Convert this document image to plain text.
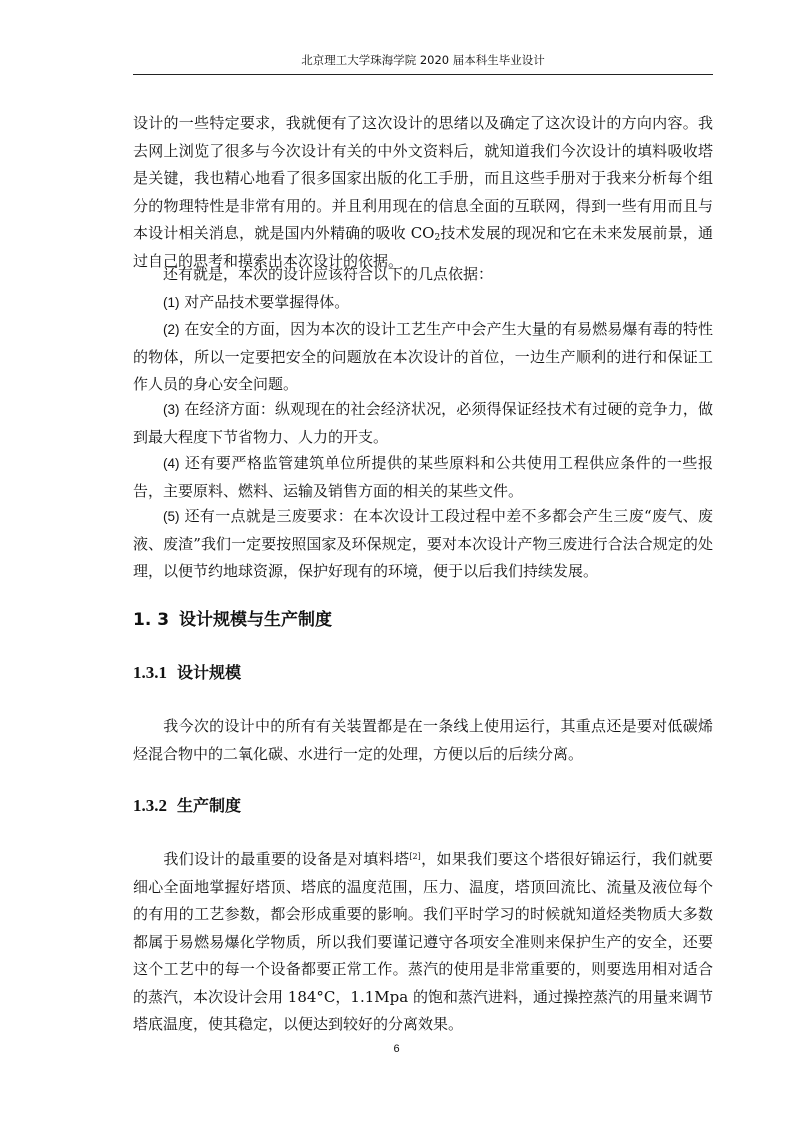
北京理工大学珠海学院 2020 届本科生毕业设计

设计的一些特定要求，我就便有了这次设计的思绪以及确定了这次设计的方向内容。我去网上浏览了很多与今次设计有关的中外文资料后，就知道我们今次设计的填料吸收塔是关键，我也精心地看了很多国家出版的化工手册，而且这些手册对于我来分析每个组分的物理特性是非常有用的。并且利用现在的信息全面的互联网，得到一些有用而且与本设计相关消息，就是国内外精确的吸收 $CO_2$技术发展的现况和它在未来发展前景，通过自己的思考和摸索出本次设计的依据。

还有就是，本次的设计应该符合以下的几点依据：

(1) 对产品技术要掌握得体。

(2) 在安全的方面，因为本次的设计工艺生产中会产生大量的有易燃易爆有毒的特性的物体，所以一定要把安全的问题放在本次设计的首位，一边生产顺利的进行和保证工作人员的身心安全问题。

(3) 在经济方面：纵观现在的社会经济状况，必须得保证经技术有过硬的竞争力，做到最大程度下节省物力、人力的开支。

(4) 还有要严格监管建筑单位所提供的某些原料和公共使用工程供应条件的一些报告，主要原料、燃料、运输及销售方面的相关的某些文件。

(5) 还有一点就是三废要求：在本次设计工段过程中差不多都会产生三废“废气、废液、废渣”我们一定要按照国家及环保规定，要对本次设计产物三废进行合法合规定的处理，以便节约地球资源，保护好现有的环境，便于以后我们持续发展。

1. 3 设计规模与生产制度
1.3.1 设计规模

我今次的设计中的所有有关装置都是在一条线上使用运行，其重点还是要对低碳烯烃混合物中的二氧化碳、水进行一定的处理，方便以后的后续分离。

1.3.2 生产制度

我们设计的最重要的设备是对填料塔[2]，如果我们要这个塔很好锦运行，我们就要细心全面地掌握好塔顶、塔底的温度范围，压力、温度，塔顶回流比、流量及液位每个的有用的工艺参数，都会形成重要的影响。我们平时学习的时候就知道烃类物质大多数都属于易燃易爆化学物质，所以我们要谨记遵守各项安全准则来保护生产的安全，还要这个工艺中的每一个设备都要正常工作。蒸汽的使用是非常重要的，则要选用相对适合的蒸汽，本次设计会用 184°C，1.1Mpa 的饱和蒸汽进料，通过操控蒸汽的用量来调节塔底温度，使其稳定，以便达到较好的分离效果。

6
